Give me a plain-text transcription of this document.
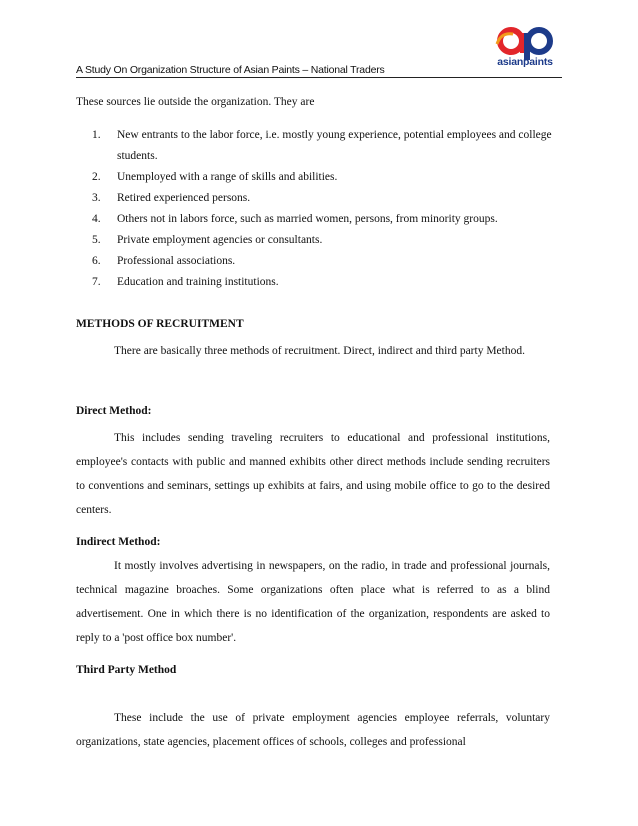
asianpaints
A Study On Organization Structure of Asian Paints – National Traders
These sources lie outside the organization. They are
1. New entrants to the labor force, i.e. mostly young experience, potential employees and college students.
2. Unemployed with a range of skills and abilities.
3. Retired experienced persons.
4. Others not in labors force, such as married women, persons, from minority groups.
5. Private employment agencies or consultants.
6. Professional associations.
7. Education and training institutions.
METHODS OF RECRUITMENT
There are basically three methods of recruitment. Direct, indirect and third party Method.
Direct Method:
This includes sending traveling recruiters to educational and professional institutions, employee's contacts with public and manned exhibits other direct methods include sending recruiters to conventions and seminars, settings up exhibits at fairs, and using mobile office to go to the desired centers.
Indirect Method:
It mostly involves advertising in newspapers, on the radio, in trade and professional journals, technical magazine broaches. Some organizations often place what is referred to as a blind advertisement. One in which there is no identification of the organization, respondents are asked to reply to a 'post office box number'.
Third Party Method
These include the use of private employment agencies employee referrals, voluntary organizations, state agencies, placement offices of schools, colleges and professional
